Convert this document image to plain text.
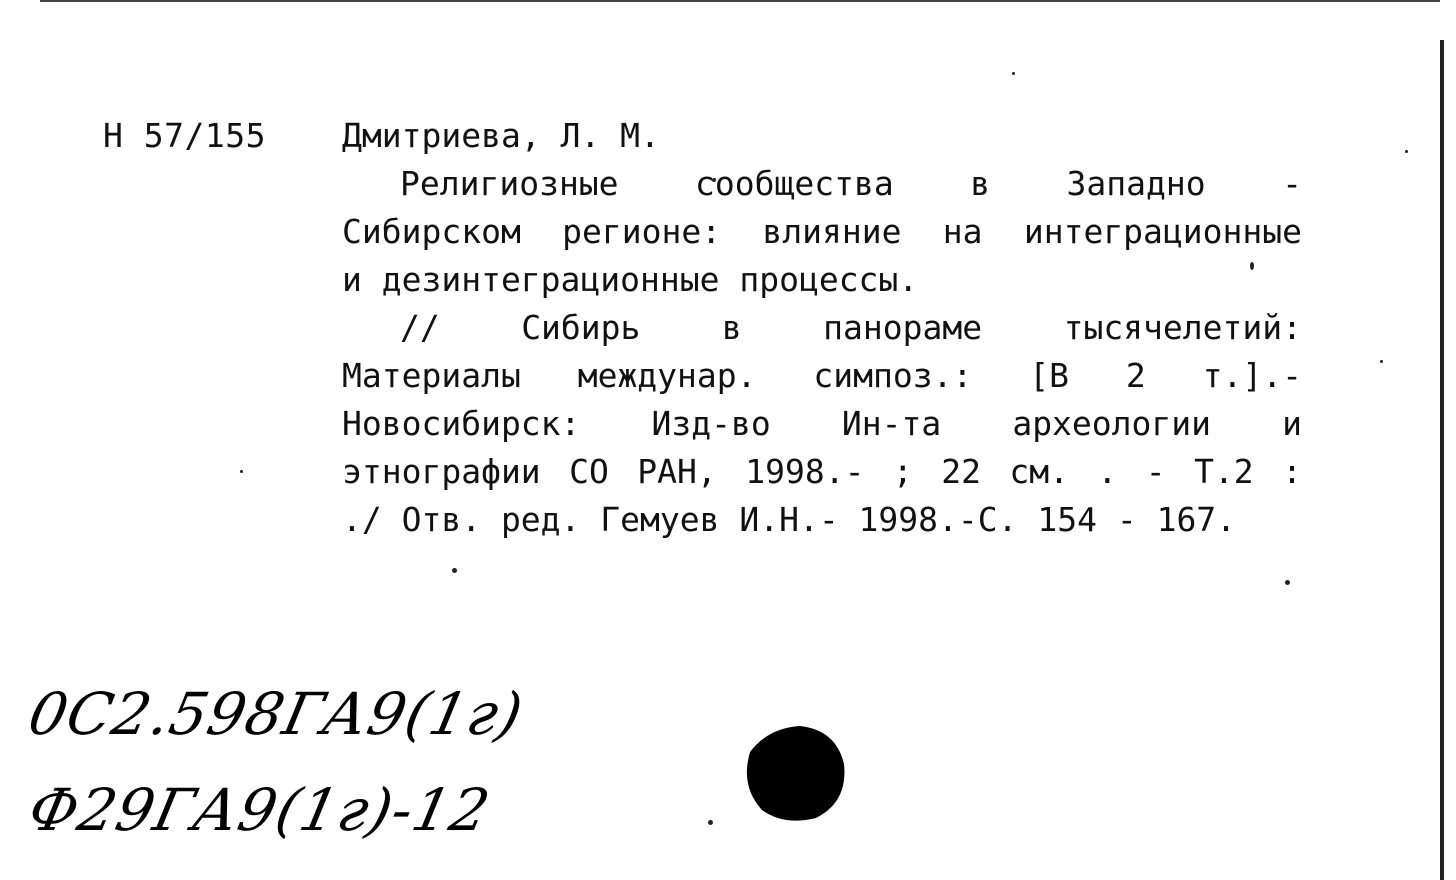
Н 57/155 Дмитриева, Л. М.
Религиозные сообщества в Западно -
Сибирском регионе: влияние на интеграционные
и дезинтеграционные процессы.
// Сибирь в панораме тысячелетий:
Материалы междунар. симпоз.: [В 2 т.].-
Новосибирск: Изд-во Ин-та археологии и
этнографии СО РАН, 1998.- ; 22 см. . - Т.2 :
./ Отв. ред. Гемуев И.Н.- 1998.-С. 154 - 167.
0С2.598ГА9(1г)
Ф29ГА9(1г)-12
